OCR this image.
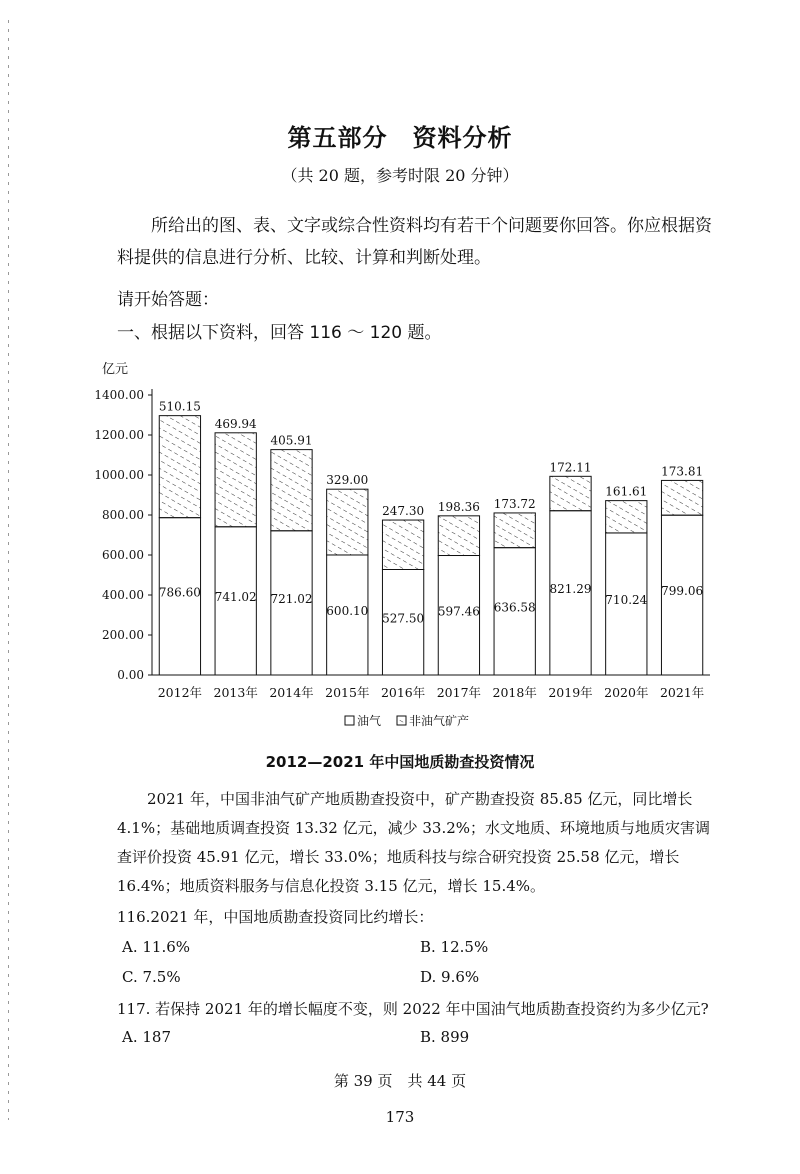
第五部分　资料分析
（共 20 题，参考时限 20 分钟）
所给出的图、表、文字或综合性资料均有若干个问题要你回答。你应根据资料提供的信息进行分析、比较、计算和判断处理。
请开始答题：
一、根据以下资料，回答 116 ～ 120 题。
亿元
0.00
200.00
400.00
600.00
800.00
1000.00
1200.00
1400.00
510.15
786.60
2012年
469.94
741.02
2013年
405.91
721.02
2014年
329.00
600.10
2015年
247.30
527.50
2016年
198.36
597.46
2017年
173.72
636.58
2018年
172.11
821.29
2019年
161.61
710.24
2020年
173.81
799.06
2021年
油气 非油气矿产
2012—2021 年中国地质勘查投资情况
2021 年，中国非油气矿产地质勘查投资中，矿产勘查投资 85.85 亿元，同比增长 4.1%；基础地质调查投资 13.32 亿元，减少 33.2%；水文地质、环境地质与地质灾害调查评价投资 45.91 亿元，增长 33.0%；地质科技与综合研究投资 25.58 亿元，增长 16.4%；地质资料服务与信息化投资 3.15 亿元，增长 15.4%。
116.2021 年，中国地质勘查投资同比约增长：
A. 11.6%	B. 12.5%
C. 7.5%	D. 9.6%
117. 若保持 2021 年的增长幅度不变，则 2022 年中国油气地质勘查投资约为多少亿元?
A. 187	B. 899
第 39 页　共 44 页
173
